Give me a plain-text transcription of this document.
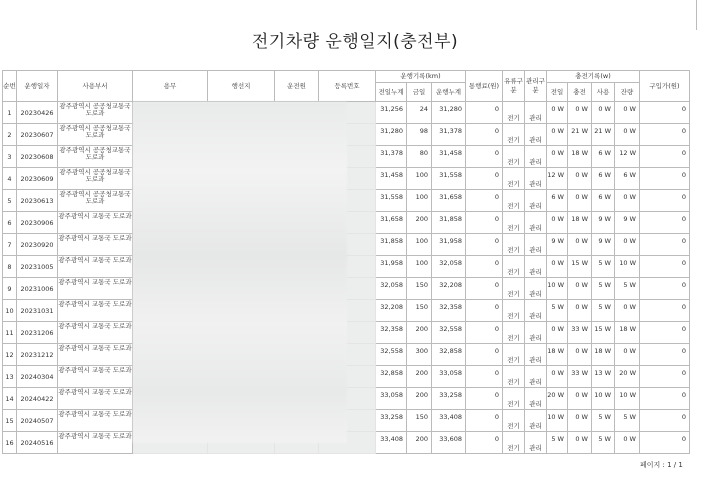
전기차량 운행일지(충전부)
순번	운행일자	사용부서	용무	행선지	운전원	등록번호	운행기록(km)			통행료(원)	유류구분	관리구분	충전기록(w)				구입가(원)
							전일누계	금일	운행누계				전일	충전	사용	잔량	
1	20230426	광주광역시 공공청교통국 도로과					31,256	24	31,280	0	전기	관리	0 W	0 W	0 W	0 W	0
2	20230607	광주광역시 공공청교통국 도로과					31,280	98	31,378	0	전기	관리	0 W	21 W	21 W	0 W	0
3	20230608	광주광역시 공공청교통국 도로과					31,378	80	31,458	0	전기	관리	0 W	18 W	6 W	12 W	0
4	20230609	광주광역시 공공청교통국 도로과					31,458	100	31,558	0	전기	관리	12 W	0 W	6 W	6 W	0
5	20230613	광주광역시 공공청교통국 도로과					31,558	100	31,658	0	전기	관리	6 W	0 W	6 W	0 W	0
6	20230906	광주광역시 교통국 도로과					31,658	200	31,858	0	전기	관리	0 W	18 W	9 W	9 W	0
7	20230920	광주광역시 교통국 도로과					31,858	100	31,958	0	전기	관리	9 W	0 W	9 W	0 W	0
8	20231005	광주광역시 교통국 도로과					31,958	100	32,058	0	전기	관리	0 W	15 W	5 W	10 W	0
9	20231006	광주광역시 교통국 도로과					32,058	150	32,208	0	전기	관리	10 W	0 W	5 W	5 W	0
10	20231031	광주광역시 교통국 도로과					32,208	150	32,358	0	전기	관리	5 W	0 W	5 W	0 W	0
11	20231206	광주광역시 교통국 도로과					32,358	200	32,558	0	전기	관리	0 W	33 W	15 W	18 W	0
12	20231212	광주광역시 교통국 도로과					32,558	300	32,858	0	전기	관리	18 W	0 W	18 W	0 W	0
13	20240304	광주광역시 교통국 도로과					32,858	200	33,058	0	전기	관리	0 W	33 W	13 W	20 W	0
14	20240422	광주광역시 교통국 도로과					33,058	200	33,258	0	전기	관리	20 W	0 W	10 W	10 W	0
15	20240507	광주광역시 교통국 도로과					33,258	150	33,408	0	전기	관리	10 W	0 W	5 W	5 W	0
16	20240516	광주광역시 교통국 도로과					33,408	200	33,608	0	전기	관리	5 W	0 W	5 W	0 W	0
페이지 : 1 / 1
